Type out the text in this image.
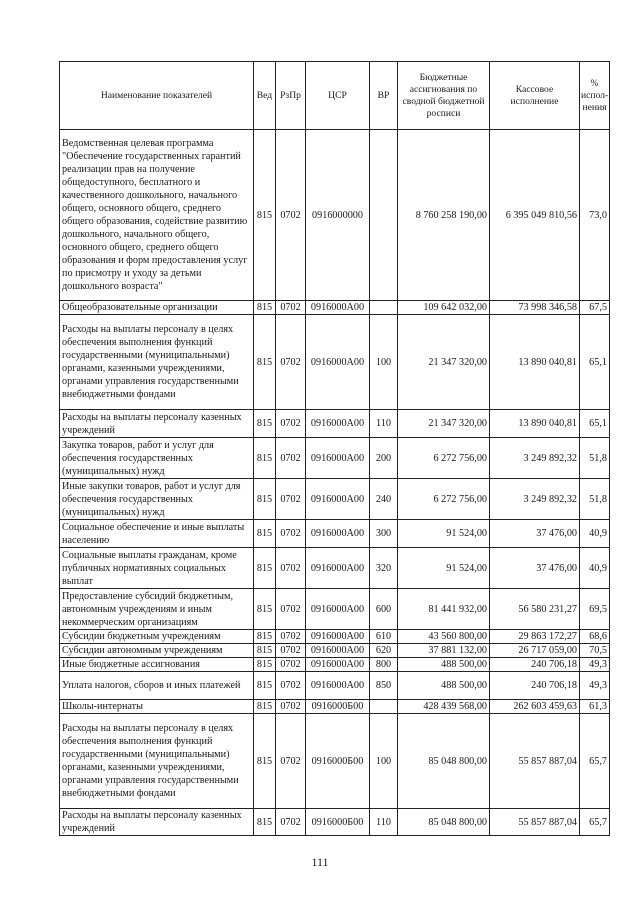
Наименование показателей	Вед	РзПр	ЦСР	ВР	Бюджетные ассигнования по сводной бюджетной росписи	Кассовое исполнение	% испол-нения
Ведомственная целевая программа "Обеспечение государственных гарантий реализации прав на получение общедоступного, бесплатного и качественного дошкольного, начального общего, основного общего, среднего общего образования, содействие развитию дошкольного, начального общего, основного общего, среднего общего образования и форм предоставления услуг по присмотру и уходу за детьми дошкольного возраста"	815	0702	0916000000		8 760 258 190,00	6 395 049 810,56	73,0
Общеобразовательные организации	815	0702	0916000A00		109 642 032,00	73 998 346,58	67,5
Расходы на выплаты персоналу в целях обеспечения выполнения функций государственными (муниципальными) органами, казенными учреждениями, органами управления государственными внебюджетными фондами	815	0702	0916000A00	100	21 347 320,00	13 890 040,81	65,1
Расходы на выплаты персоналу казенных учреждений	815	0702	0916000A00	110	21 347 320,00	13 890 040,81	65,1
Закупка товаров, работ и услуг для обеспечения государственных (муниципальных) нужд	815	0702	0916000A00	200	6 272 756,00	3 249 892,32	51,8
Иные закупки товаров, работ и услуг для обеспечения государственных (муниципальных) нужд	815	0702	0916000A00	240	6 272 756,00	3 249 892,32	51,8
Социальное обеспечение и иные выплаты населению	815	0702	0916000A00	300	91 524,00	37 476,00	40,9
Социальные выплаты гражданам, кроме публичных нормативных социальных выплат	815	0702	0916000A00	320	91 524,00	37 476,00	40,9
Предоставление субсидий бюджетным, автономным учреждениям и иным некоммерческим организациям	815	0702	0916000A00	600	81 441 932,00	56 580 231,27	69,5
Субсидии бюджетным учреждениям	815	0702	0916000A00	610	43 560 800,00	29 863 172,27	68,6
Субсидии автономным учреждениям	815	0702	0916000A00	620	37 881 132,00	26 717 059,00	70,5
Иные бюджетные ассигнования	815	0702	0916000A00	800	488 500,00	240 706,18	49,3
Уплата налогов, сборов и иных платежей	815	0702	0916000A00	850	488 500,00	240 706,18	49,3
Школы-интернаты	815	0702	0916000Б00		428 439 568,00	262 603 459,63	61,3
Расходы на выплаты персоналу в целях обеспечения выполнения функций государственными (муниципальными) органами, казенными учреждениями, органами управления государственными внебюджетными фондами	815	0702	0916000Б00	100	85 048 800,00	55 857 887,04	65,7
Расходы на выплаты персоналу казенных учреждений	815	0702	0916000Б00	110	85 048 800,00	55 857 887,04	65,7
111
